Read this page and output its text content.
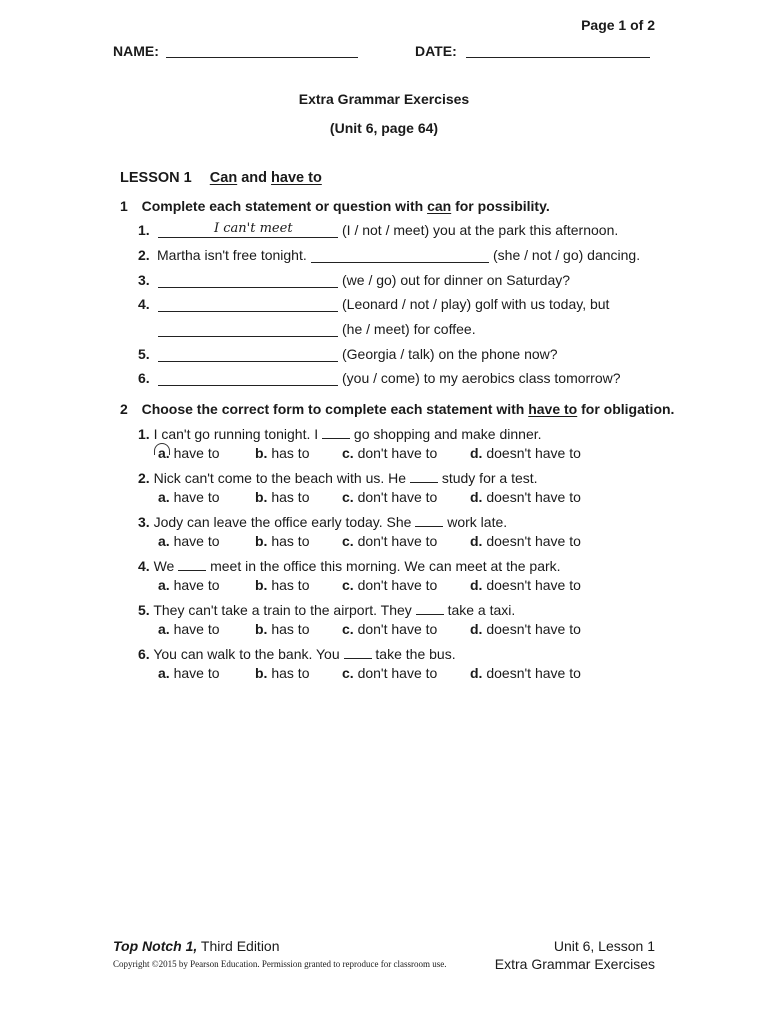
Page 1 of 2
NAME:	DATE:
Extra Grammar Exercises
(Unit 6, page 64)
LESSON 1 Can and have to
1 Complete each statement or question with can for possibility.
1.	I can't meet	(I / not / meet) you at the park this afternoon.
2. Martha isn't free tonight.	(she / not / go) dancing.
3.	(we / go) out for dinner on Saturday?
4.	(Leonard / not / play) golf with us today, but
(he / meet) for coffee.
5.	(Georgia / talk) on the phone now?
6.	(you / come) to my aerobics class tomorrow?
2 Choose the correct form to complete each statement with have to for obligation.
1. I can't go running tonight. I	go shopping and make dinner.
a. have to	b. has to c. don't have to d. doesn't have to
2. Nick can't come to the beach with us. He	study for a test.
a. have to	b. has to c. don't have to d. doesn't have to
3. Jody can leave the office early today. She	work late.
a. have to	b. has to c. don't have to d. doesn't have to
4. We	meet in the office this morning. We can meet at the park.
a. have to	b. has to c. don't have to d. doesn't have to
5. They can't take a train to the airport. They	take a taxi.
a. have to	b. has to c. don't have to d. doesn't have to
6. You can walk to the bank. You	take the bus.
a. have to	b. has to c. don't have to d. doesn't have to
Top Notch 1, Third Edition
Copyright ©2015 by Pearson Education. Permission granted to reproduce for classroom use.
Unit 6, Lesson 1
Extra Grammar Exercises
